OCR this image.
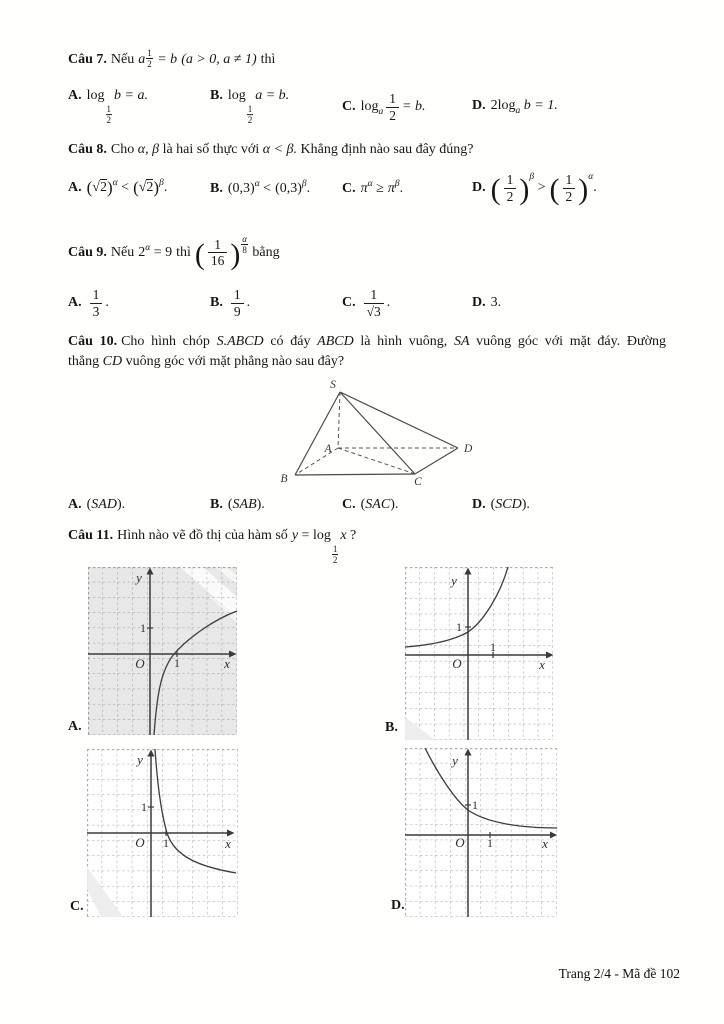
Câu 7. Nếu a $\frac{1}{2} = b$ (a > 0, a ≠ 1) thì
A. log
$\frac{1}{2}$
b = a.	B. log
$\frac{1}{2}$
a = b.
C. $\log_a \frac{1}{2} = b$.	D. $2\log_a$ b = 1.
Câu 8. Cho α, β là hai số thực với α < β. Khẳng định nào sau đây đúng?
A. $(√2)^\alpha < (√2)^\beta$.	B. $(0,3)^\alpha < (0,3)^\beta$. C. $\pi^\alpha \ge \pi^\beta$.	D. ( $\frac{1}{2} )^\beta$ > ( $\frac{1}{2} )^\alpha$.
Câu 9. Nếu $2^\alpha = 9$ thì ( $\frac{1}{16}$ ) $\frac{\alpha}{8}$ bằng
A. $\frac{1}{3}$ .	B. $\frac{1}{9}$ .	C. $\frac{1}{√3}$ .	D. 3.
Câu 10. Cho hình chóp S.ABCD có đáy ABCD là hình vuông, SA vuông góc với mặt đáy. Đường
thẳng CD vuông góc với mặt phẳng nào sau đây?
S
A
B	C
D
A. (SAD).	B. (SAB).	C. (SAC).	D. (SCD).
Câu 11. Hình nào vẽ đồ thị của hàm số y = log
$\frac{1}{2}$
x ?
y
x
O
1
1
A.
y
x
O
1
1
B.
y
x
O
1
1
C.
y
x
O
1
1
D.
Trang 2/4 - Mã đề 102
